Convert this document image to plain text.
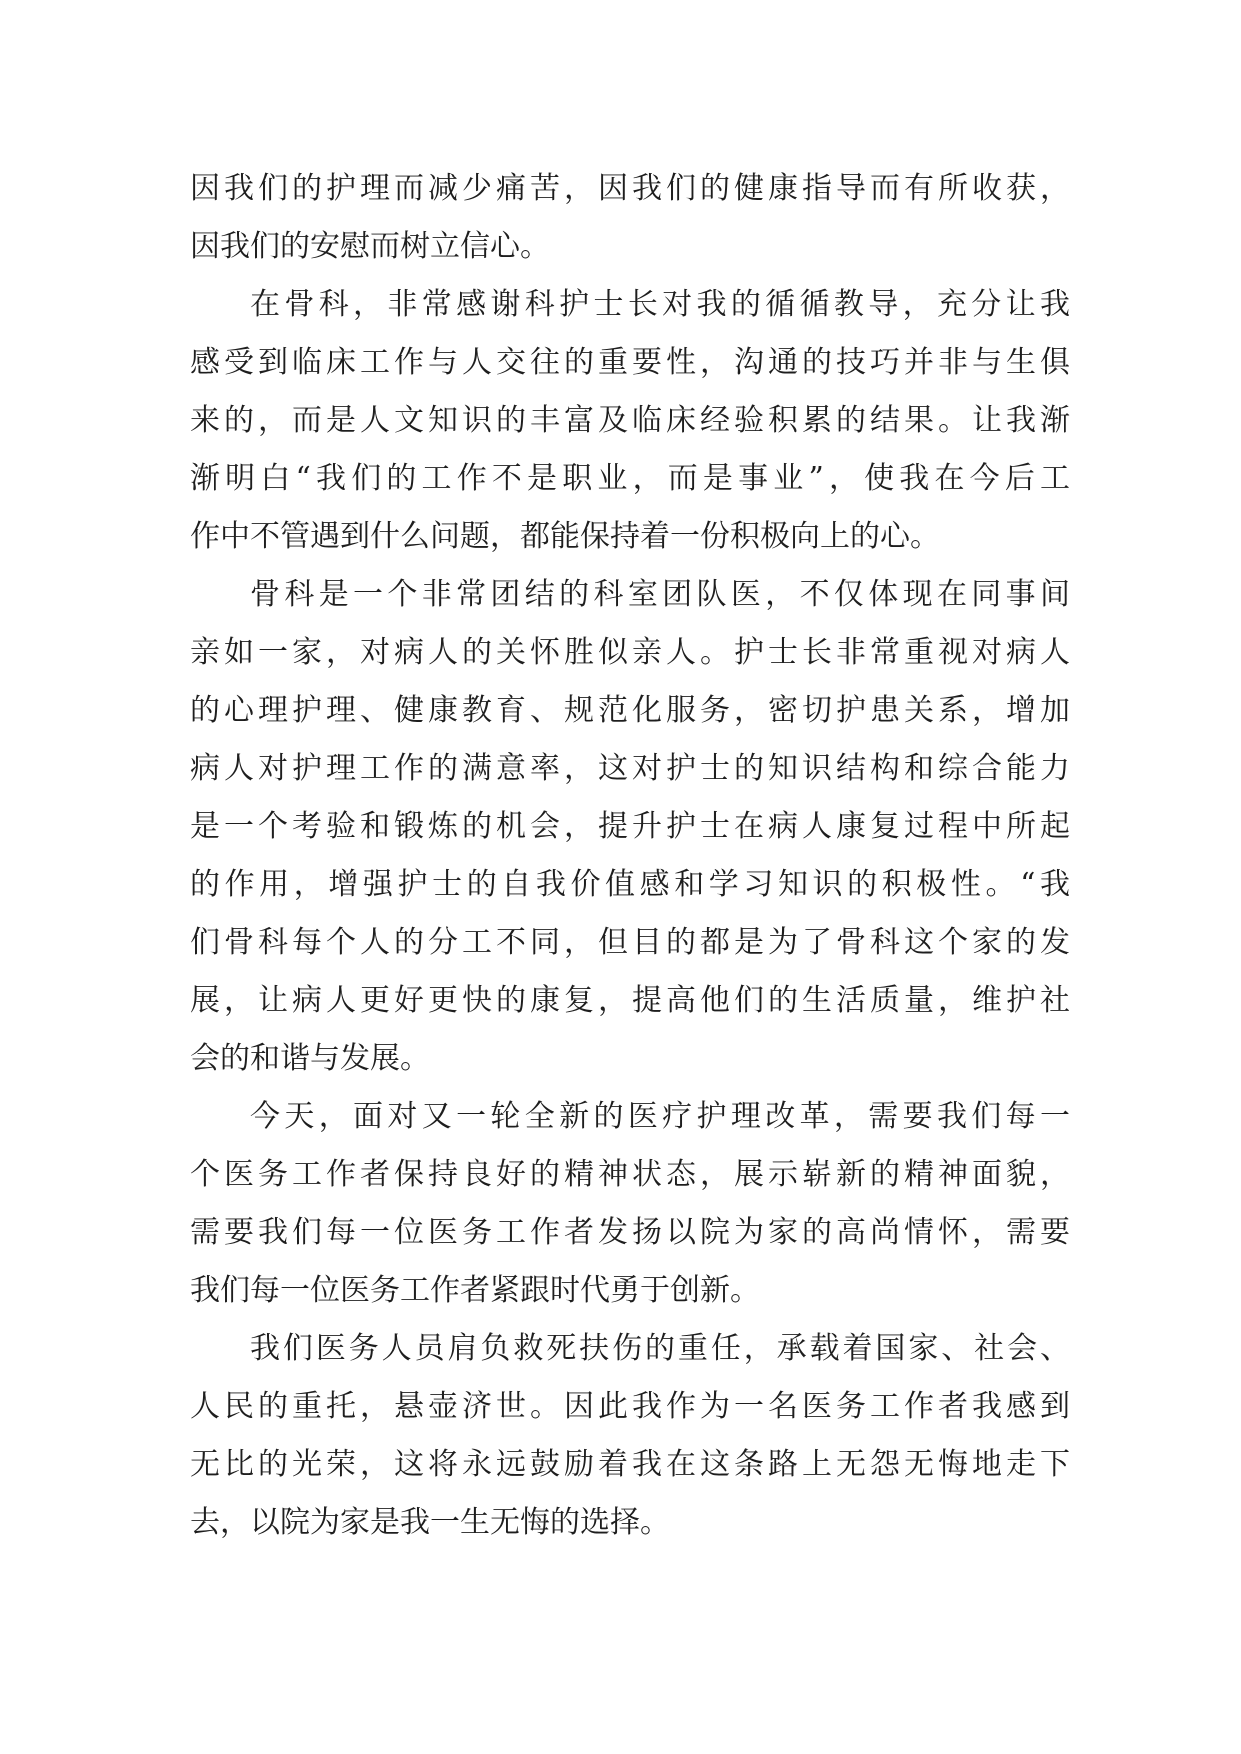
因我们的护理而减少痛苦，因我们的健康指导而有所收获，
因我们的安慰而树立信心。
在骨科，非常感谢科护士长对我的循循教导，充分让我
感受到临床工作与人交往的重要性，沟通的技巧并非与生俱
来的，而是人文知识的丰富及临床经验积累的结果。让我渐
渐明白“我们的工作不是职业，而是事业”，使我在今后工
作中不管遇到什么问题，都能保持着一份积极向上的心。
骨科是一个非常团结的科室团队医，不仅体现在同事间
亲如一家，对病人的关怀胜似亲人。护士长非常重视对病人
的心理护理、健康教育、规范化服务，密切护患关系，增加
病人对护理工作的满意率，这对护士的知识结构和综合能力
是一个考验和锻炼的机会，提升护士在病人康复过程中所起
的作用，增强护士的自我价值感和学习知识的积极性。“我
们骨科每个人的分工不同，但目的都是为了骨科这个家的发
展，让病人更好更快的康复，提高他们的生活质量，维护社
会的和谐与发展。
今天，面对又一轮全新的医疗护理改革，需要我们每一
个医务工作者保持良好的精神状态，展示崭新的精神面貌，
需要我们每一位医务工作者发扬以院为家的高尚情怀，需要
我们每一位医务工作者紧跟时代勇于创新。
我们医务人员肩负救死扶伤的重任，承载着国家、社会、
人民的重托，悬壶济世。因此我作为一名医务工作者我感到
无比的光荣，这将永远鼓励着我在这条路上无怨无悔地走下
去，以院为家是我一生无悔的选择。
